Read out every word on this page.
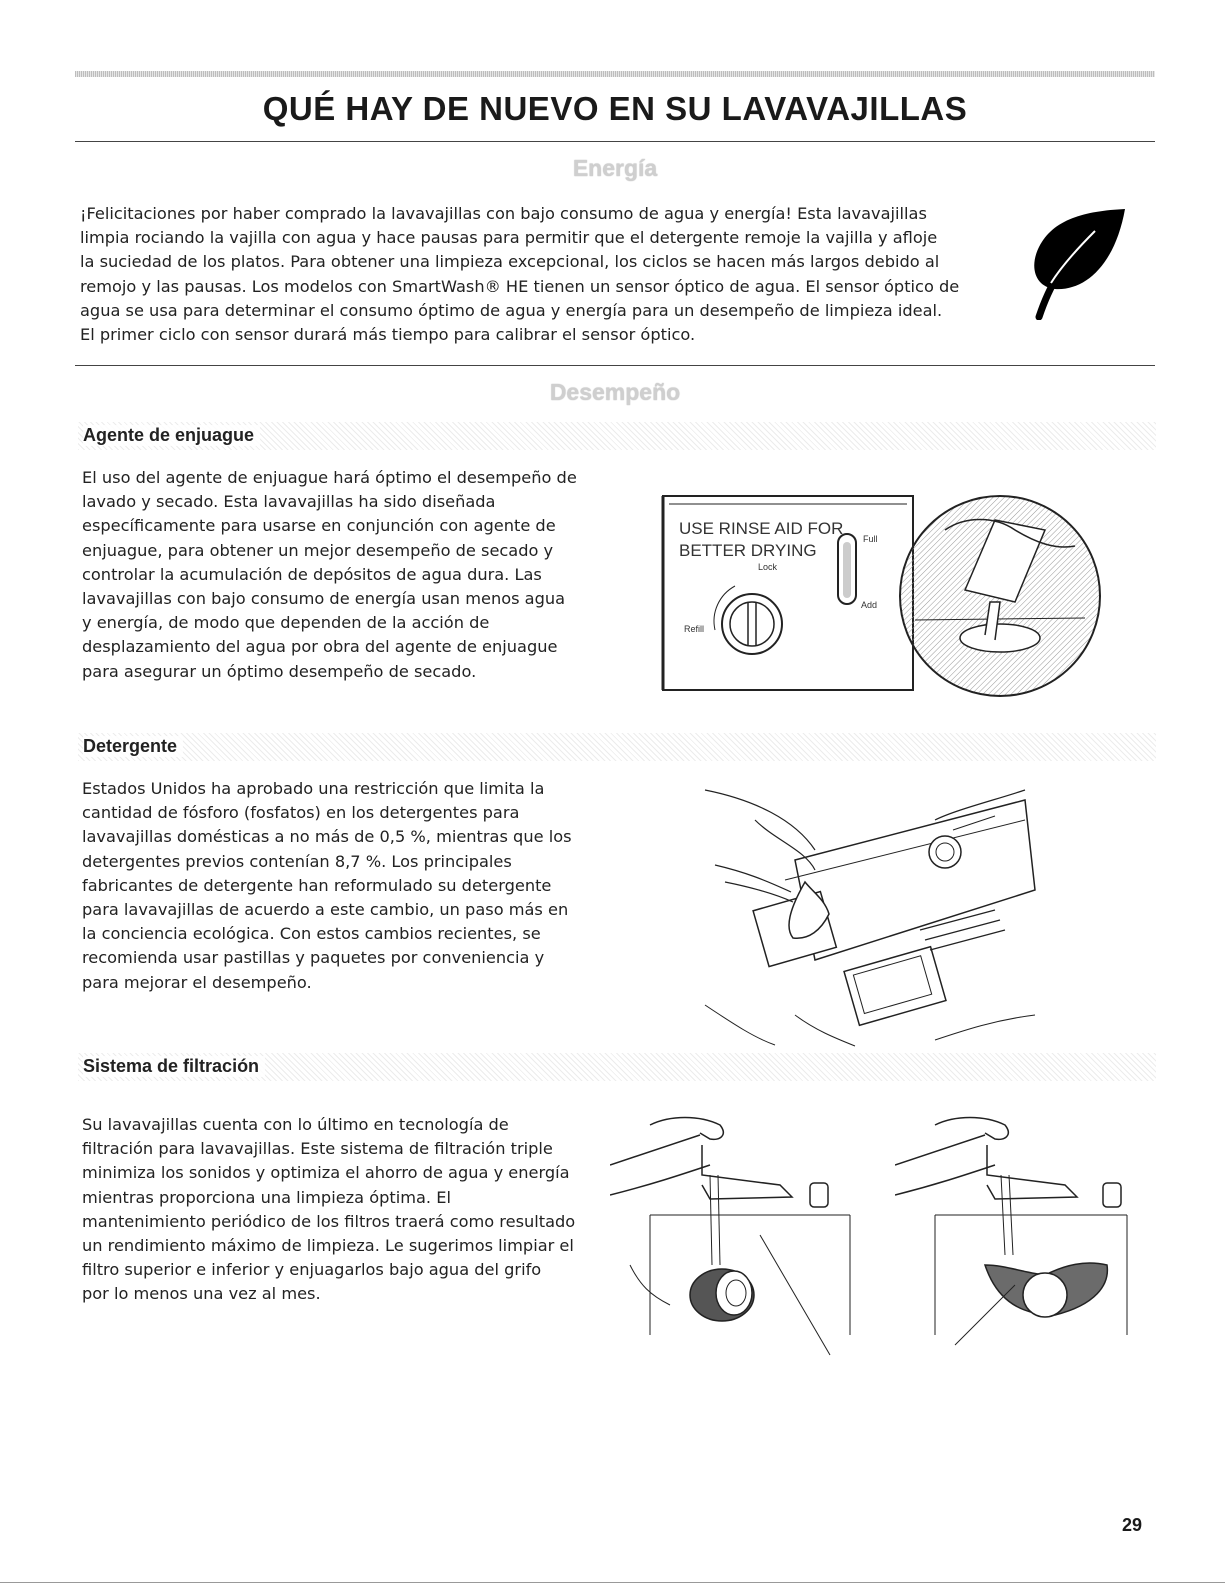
QUÉ HAY DE NUEVO EN SU LAVAVAJILLAS
Energía
¡Felicitaciones por haber comprado la lavavajillas con bajo consumo de agua y energía! Esta lavavajillas
limpia rociando la vajilla con agua y hace pausas para permitir que el detergente remoje la vajilla y afloje
la suciedad de los platos. Para obtener una limpieza excepcional, los ciclos se hacen más largos debido al
remojo y las pausas. Los modelos con SmartWash® HE tienen un sensor óptico de agua. El sensor óptico de
agua se usa para determinar el consumo óptimo de agua y energía para un desempeño de limpieza ideal.
El primer ciclo con sensor durará más tiempo para calibrar el sensor óptico.
Desempeño
Agente de enjuague
El uso del agente de enjuague hará óptimo el desempeño de
lavado y secado. Esta lavavajillas ha sido diseñada
específicamente para usarse en conjunción con agente de
enjuague, para obtener un mejor desempeño de secado y
controlar la acumulación de depósitos de agua dura. Las
lavavajillas con bajo consumo de energía usan menos agua
y energía, de modo que dependen de la acción de
desplazamiento del agua por obra del agente de enjuague
para asegurar un óptimo desempeño de secado.
USE RINSE AID FOR
BETTER DRYING
Lock
Refill
Full
Add
Detergente
Estados Unidos ha aprobado una restricción que limita la
cantidad de fósforo (fosfatos) en los detergentes para
lavavajillas domésticas a no más de 0,5 %, mientras que los
detergentes previos contenían 8,7 %. Los principales
fabricantes de detergente han reformulado su detergente
para lavavajillas de acuerdo a este cambio, un paso más en
la conciencia ecológica. Con estos cambios recientes, se
recomienda usar pastillas y paquetes por conveniencia y
para mejorar el desempeño.
Sistema de filtración
Su lavavajillas cuenta con lo último en tecnología de
filtración para lavavajillas. Este sistema de filtración triple
minimiza los sonidos y optimiza el ahorro de agua y energía
mientras proporciona una limpieza óptima. El
mantenimiento periódico de los filtros traerá como resultado
un rendimiento máximo de limpieza. Le sugerimos limpiar el
filtro superior e inferior y enjuagarlos bajo agua del grifo
por lo menos una vez al mes.
29
